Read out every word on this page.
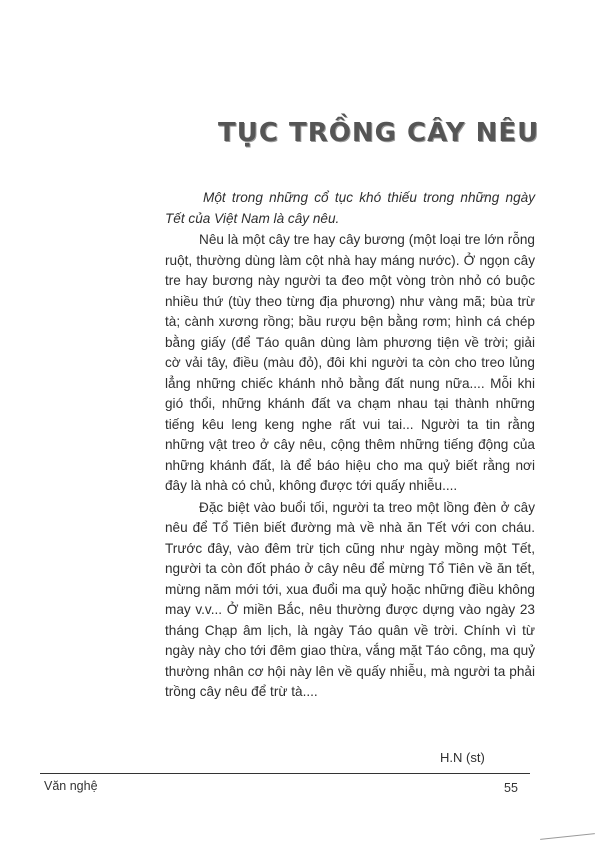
TỤC TRỒNG CÂY NÊU

Một trong những cổ tục khó thiếu trong những ngày Tết của Việt Nam là cây nêu.

Nêu là một cây tre hay cây bương (một loại tre lớn rỗng ruột, thường dùng làm cột nhà hay máng nước). Ở ngọn cây tre hay bương này người ta đeo một vòng tròn nhỏ có buộc nhiều thứ (tùy theo từng địa phương) như vàng mã; bùa trừ tà; cành xương rồng; bầu rượu bện bằng rơm; hình cá chép bằng giấy (để Táo quân dùng làm phương tiện về trời; giải cờ vải tây, điều (màu đỏ), đôi khi người ta còn cho treo lủng lẳng những chiếc khánh nhỏ bằng đất nung nữa.... Mỗi khi gió thổi, những khánh đất va chạm nhau tại thành những tiếng kêu leng keng nghe rất vui tai... Người ta tin rằng những vật treo ở cây nêu, cộng thêm những tiếng động của những khánh đất, là để báo hiệu cho ma quỷ biết rằng nơi đây là nhà có chủ, không được tới quấy nhiễu....

Đặc biệt vào buổi tối, người ta treo một lồng đèn ở cây nêu để Tổ Tiên biết đường mà về nhà ăn Tết với con cháu. Trước đây, vào đêm trừ tịch cũng như ngày mồng một Tết, người ta còn đốt pháo ở cây nêu để mừng Tổ Tiên về ăn tết, mừng năm mới tới, xua đuổi ma quỷ hoặc những điều không may v.v... Ở miền Bắc, nêu thường được dựng vào ngày 23 tháng Chạp âm lịch, là ngày Táo quân về trời. Chính vì từ ngày này cho tới đêm giao thừa, vắng mặt Táo công, ma quỷ thường nhân cơ hội này lên về quấy nhiễu, mà người ta phải trồng cây nêu để trừ tà....

H.N (st)
Văn nghệ	55
